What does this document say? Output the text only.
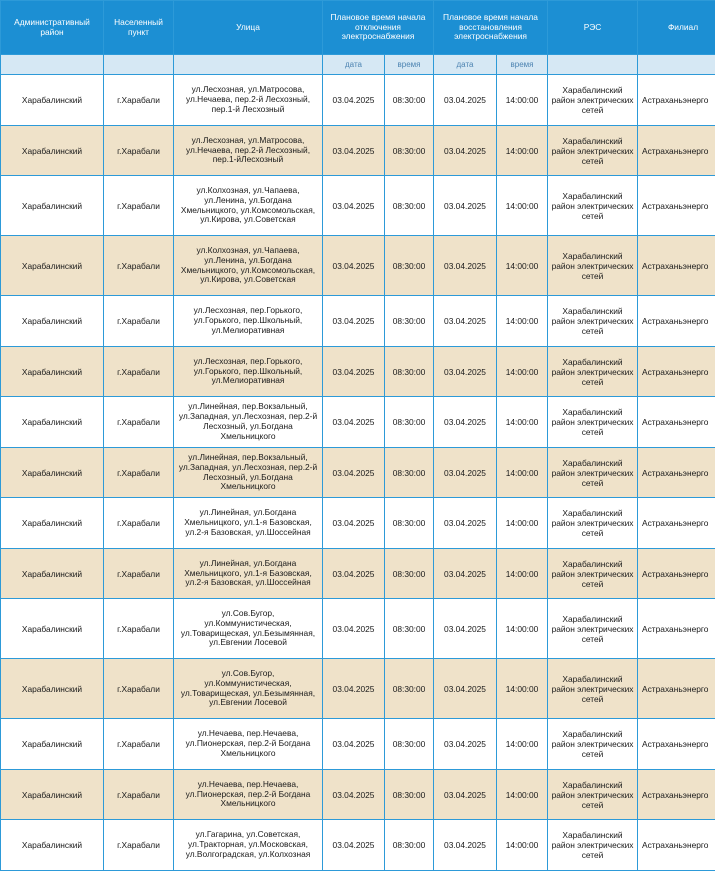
Административный район	Населенный пункт	Улица	Плановое время начала отключения электроснабжения		Плановое время начала восстановления электроснабжения		РЭС	Филиал
			дата	время	дата	время		
Харабалинский	г.Харабали	ул.Лесхозная, ул.Матросова, ул.Нечаева, пер.2-й Лесхозный, пер.1-й Лесхозный	03.04.2025	08:30:00	03.04.2025	14:00:00	Харабалинский район электрических сетей	Астраханьэнерго
Харабалинский	г.Харабали	ул.Лесхозная, ул.Матросова, ул.Нечаева, пер.2-й Лесхозный, пер.1-йЛесхозный	03.04.2025	08:30:00	03.04.2025	14:00:00	Харабалинский район электрических сетей	Астраханьэнерго
Харабалинский	г.Харабали	ул.Колхозная, ул.Чапаева, ул.Ленина, ул.Богдана Хмельницкого, ул.Комсомольская, ул.Кирова, ул.Советская	03.04.2025	08:30:00	03.04.2025	14:00:00	Харабалинский район электрических сетей	Астраханьэнерго
Харабалинский	г.Харабали	ул.Колхозная, ул.Чапаева, ул.Ленина, ул.Богдана Хмельницкого, ул.Комсомольская, ул.Кирова, ул.Советская	03.04.2025	08:30:00	03.04.2025	14:00:00	Харабалинский район электрических сетей	Астраханьэнерго
Харабалинский	г.Харабали	ул.Лесхозная, пер.Горького, ул.Горького, пер.Школьный, ул.Мелиоративная	03.04.2025	08:30:00	03.04.2025	14:00:00	Харабалинский район электрических сетей	Астраханьэнерго
Харабалинский	г.Харабали	ул.Лесхозная, пер.Горького, ул.Горького, пер.Школьный, ул.Мелиоративная	03.04.2025	08:30:00	03.04.2025	14:00:00	Харабалинский район электрических сетей	Астраханьэнерго
Харабалинский	г.Харабали	ул.Линейная, пер.Вокзальный, ул.Западная, ул.Лесхозная, пер.2-й Лесхозный, ул.Богдана Хмельницкого	03.04.2025	08:30:00	03.04.2025	14:00:00	Харабалинский район электрических сетей	Астраханьэнерго
Харабалинский	г.Харабали	ул.Линейная, пер.Вокзальный, ул.Западная, ул.Лесхозная, пер.2-й Лесхозный, ул.Богдана Хмельницкого	03.04.2025	08:30:00	03.04.2025	14:00:00	Харабалинский район электрических сетей	Астраханьэнерго
Харабалинский	г.Харабали	ул.Линейная, ул.Богдана Хмельницкого, ул.1-я Базовская, ул.2-я Базовская, ул.Шоссейная	03.04.2025	08:30:00	03.04.2025	14:00:00	Харабалинский район электрических сетей	Астраханьэнерго
Харабалинский	г.Харабали	ул.Линейная, ул.Богдана Хмельницкого, ул.1-я Базовская, ул.2-я Базовская, ул.Шоссейная	03.04.2025	08:30:00	03.04.2025	14:00:00	Харабалинский район электрических сетей	Астраханьэнерго
Харабалинский	г.Харабали	ул.Сов.Бугор, ул.Коммунистическая, ул.Товарищеская, ул.Безымянная, ул.Евгении Лосевой	03.04.2025	08:30:00	03.04.2025	14:00:00	Харабалинский район электрических сетей	Астраханьэнерго
Харабалинский	г.Харабали	ул.Сов.Бугор, ул.Коммунистическая, ул.Товарищеская, ул.Безымянная, ул.Евгении Лосевой	03.04.2025	08:30:00	03.04.2025	14:00:00	Харабалинский район электрических сетей	Астраханьэнерго
Харабалинский	г.Харабали	ул.Нечаева, пер.Нечаева, ул.Пионерская, пер.2-й Богдана Хмельницкого	03.04.2025	08:30:00	03.04.2025	14:00:00	Харабалинский район электрических сетей	Астраханьэнерго
Харабалинский	г.Харабали	ул.Нечаева, пер.Нечаева, ул.Пионерская, пер.2-й Богдана Хмельницкого	03.04.2025	08:30:00	03.04.2025	14:00:00	Харабалинский район электрических сетей	Астраханьэнерго
Харабалинский	г.Харабали	ул.Гагарина, ул.Советская, ул.Тракторная, ул.Московская, ул.Волгоградская, ул.Колхозная	03.04.2025	08:30:00	03.04.2025	14:00:00	Харабалинский район электрических сетей	Астраханьэнерго
